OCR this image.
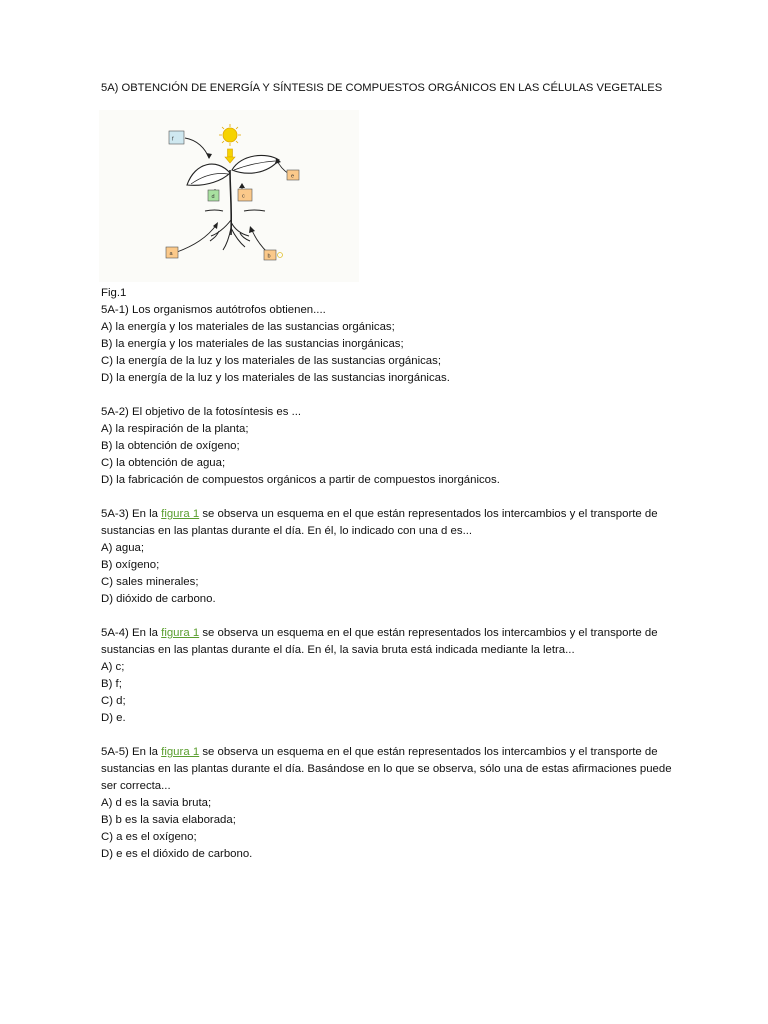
5A) OBTENCIÓN DE ENERGÍA Y SÍNTESIS DE COMPUESTOS ORGÁNICOS EN LAS CÉLULAS VEGETALES
f
e
d	c
a	b
Fig.1
5A-1) Los organismos autótrofos obtienen....
A) la energía y los materiales de las sustancias orgánicas;
B) la energía y los materiales de las sustancias inorgánicas;
C) la energía de la luz y los materiales de las sustancias orgánicas;
D) la energía de la luz y los materiales de las sustancias inorgánicas.
5A-2) El objetivo de la fotosíntesis es ...
A) la respiración de la planta;
B) la obtención de oxígeno;
C) la obtención de agua;
D) la fabricación de compuestos orgánicos a partir de compuestos inorgánicos.
5A-3) En la figura 1 se observa un esquema en el que están representados los intercambios y el transporte de
sustancias en las plantas durante el día. En él, lo indicado con una d es...
A) agua;
B) oxígeno;
C) sales minerales;
D) dióxido de carbono.
5A-4) En la figura 1 se observa un esquema en el que están representados los intercambios y el transporte de
sustancias en las plantas durante el día. En él, la savia bruta está indicada mediante la letra...
A) c;
B) f;
C) d;
D) e.
5A-5) En la figura 1 se observa un esquema en el que están representados los intercambios y el transporte de
sustancias en las plantas durante el día. Basándose en lo que se observa, sólo una de estas afirmaciones puede
ser correcta...
A) d es la savia bruta;
B) b es la savia elaborada;
C) a es el oxígeno;
D) e es el dióxido de carbono.
